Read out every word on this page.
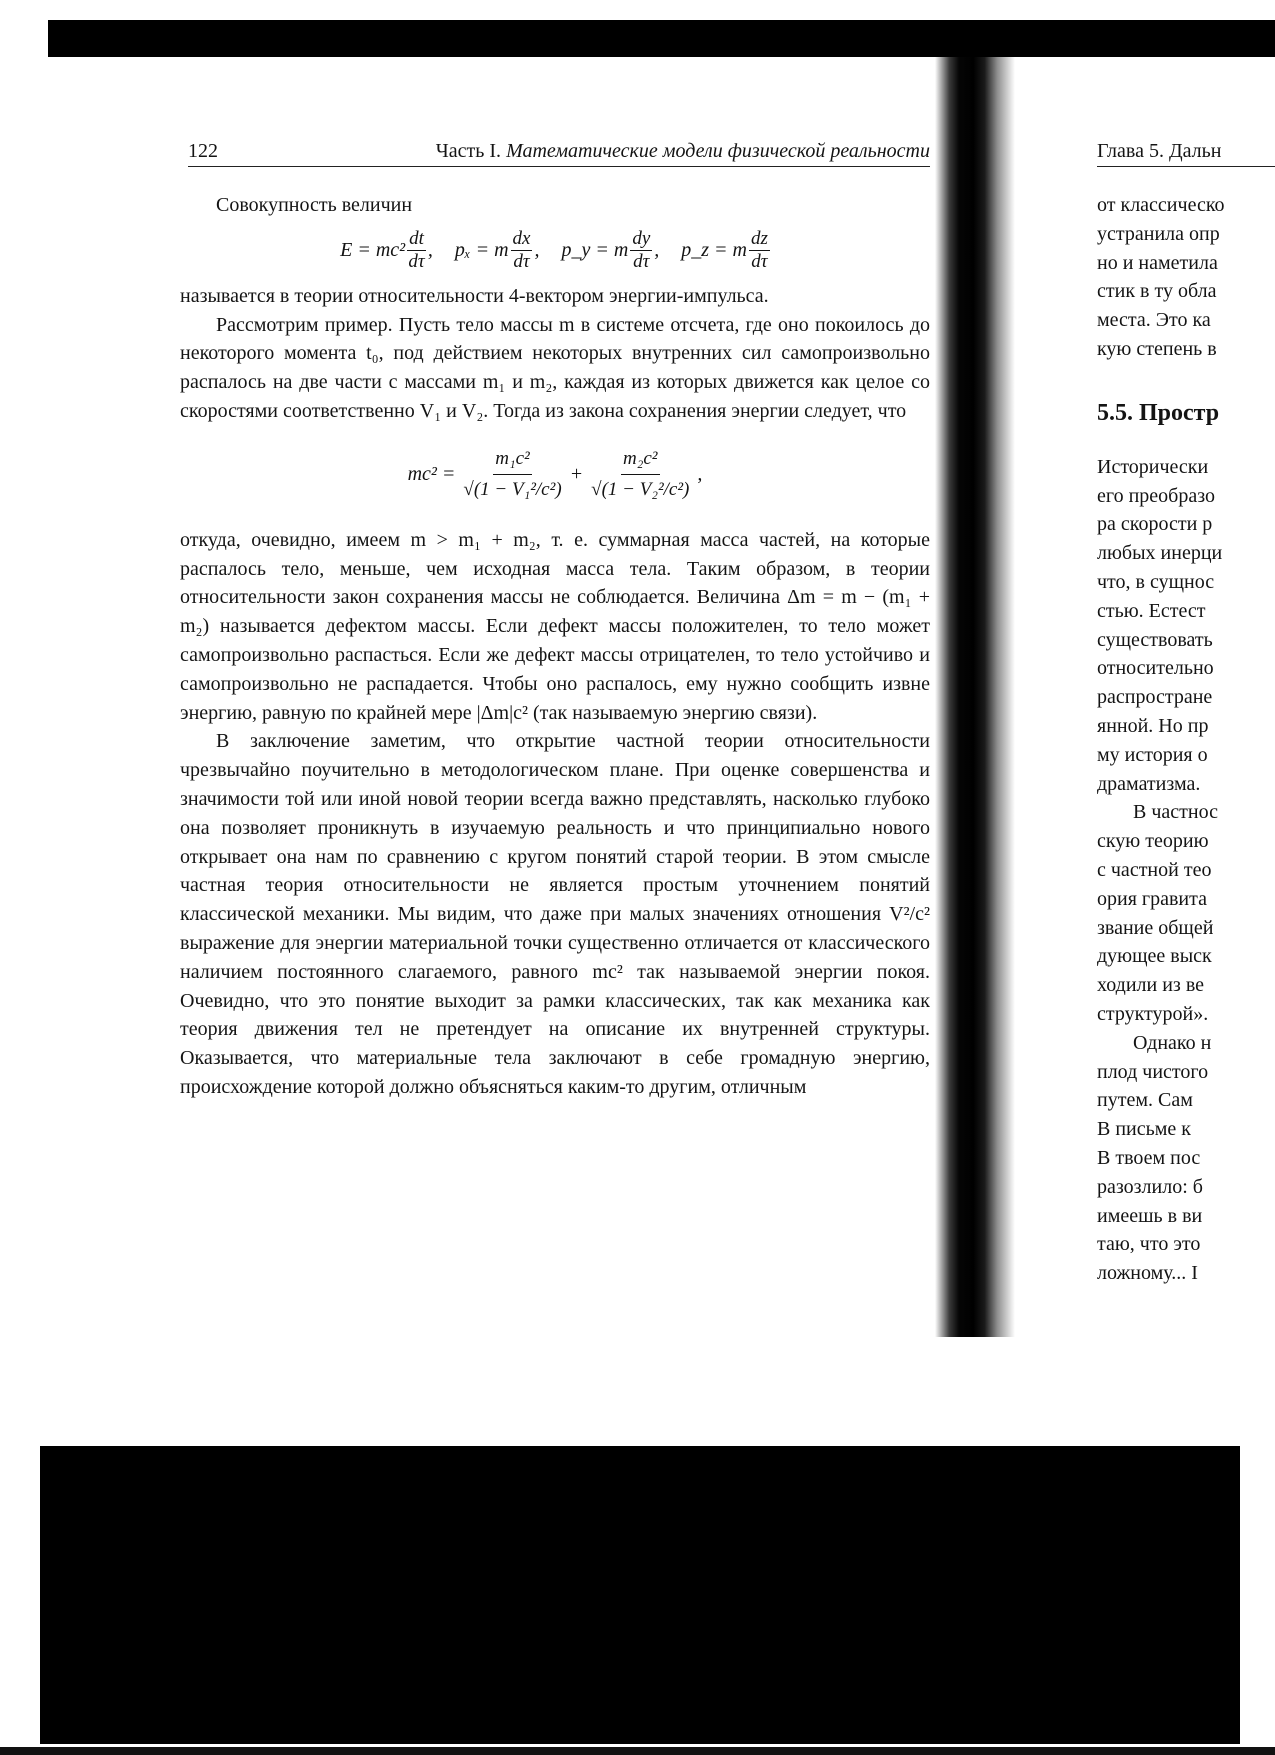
122	Часть I. Математические модели физической реальности

Совокупность величин

$E = mc^2 \frac{dt}{d\tau}$ , pₓ = m $\frac{dx}{d\tau}$ , p_y = m $\frac{dy}{d\tau}$ , p_z = m $\frac{dz}{d\tau}$

называется в теории относительности 4-вектором энергии-импульса.

Рассмотрим пример. Пусть тело массы m в системе отсчета, где оно покоилось до некоторого момента t₀, под действием некоторых внутренних сил самопроизвольно распалось на две части с массами m₁ и m₂, каждая из которых движется как целое со скоростями соответственно V₁ и V₂. Тогда из закона сохранения энергии следует, что

$mc^2 = \frac{\text{m₁c²}}{\text{√(1 − V₁²/c²)}} + \frac{\text{m₂c²}}{\text{√(1 − V₂²/c²)}}$ ,

откуда, очевидно, имеем m > m₁ + m₂, т. е. суммарная масса частей, на которые распалось тело, меньше, чем исходная масса тела. Таким образом, в теории относительности закон сохранения массы не соблюдается. Величина Δm = m − (m₁ + m₂) называется дефектом массы. Если дефект массы положителен, то тело может самопроизвольно распасться. Если же дефект массы отрицателен, то тело устойчиво и самопроизвольно не распадается. Чтобы оно распалось, ему нужно сообщить извне энергию, равную по крайней мере |Δm|c² (так называемую энергию связи).

В заключение заметим, что открытие частной теории относительности чрезвычайно поучительно в методологическом плане. При оценке совершенства и значимости той или иной новой теории всегда важно представлять, насколько глубоко она позволяет проникнуть в изучаемую реальность и что принципиально нового открывает она нам по сравнению с кругом понятий старой теории. В этом смысле частная теория относительности не является простым уточнением понятий классической механики. Мы видим, что даже при малых значениях отношения V²/c² выражение для энергии материальной точки существенно отличается от классического наличием постоянного слагаемого, равного mc² так называемой энергии покоя. Очевидно, что это понятие выходит за рамки классических, так как механика как теория движения тел не претендует на описание их внутренней структуры. Оказывается, что материальные тела заключают в себе громадную энергию, происхождение которой должно объясняться каким-то другим, отличным

Глава 5. Дальн
от классическо
устранила опр
но и наметила
стик в ту обла
места. Это ка
кую степень в
5.5. Простр
Исторически
его преобразо
ра скорости р
любых инерци
что, в сущнос
стью. Естест
существовать
относительно
распростране
янной. Но пр
му история о
драматизма.
В частнос
скую теорию
с частной тео
ория гравита
звание общей
дующее выск
ходили из ве
структурой».
Однако н
плод чистого
путем. Сам
В письме к
В твоем пос
разозлило: б
имеешь в ви
таю, что это
ложному... I
